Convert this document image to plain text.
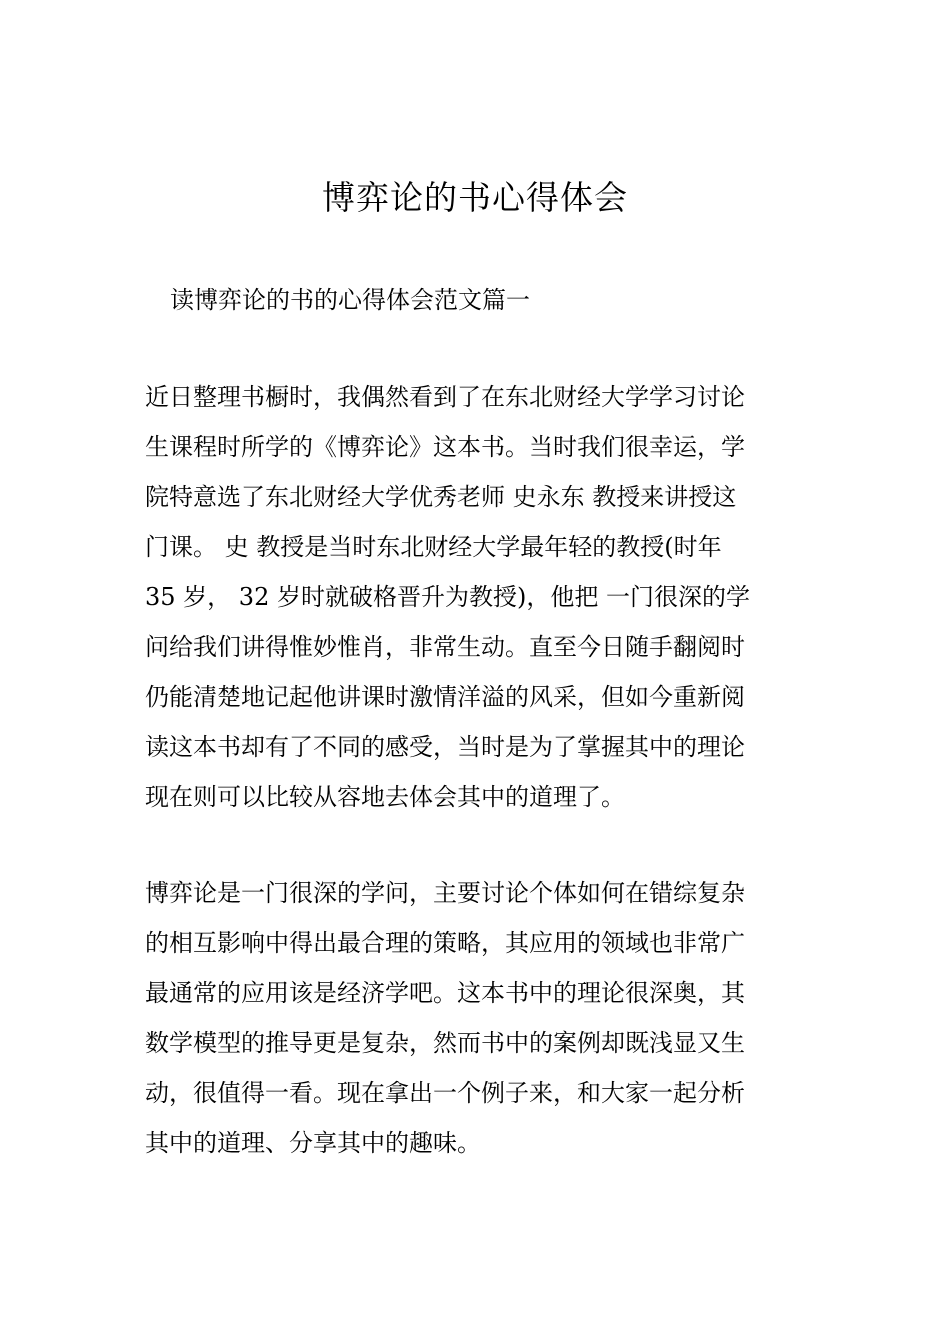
博弈论的书心得体会

读博弈论的书的心得体会范文篇一

近日整理书橱时，我偶然看到了在东北财经大学学习讨论
生课程时所学的《博弈论》这本书。当时我们很幸运，学
院特意选了东北财经大学优秀老师 史永东 教授来讲授这
门课。 史 教授是当时东北财经大学最年轻的教授(时年
35 岁， 32 岁时就破格晋升为教授)，他把 一门很深的学
问给我们讲得惟妙惟肖，非常生动。直至今日随手翻阅时
仍能清楚地记起他讲课时激情洋溢的风采，但如今重新阅
读这本书却有了不同的感受，当时是为了掌握其中的理论
现在则可以比较从容地去体会其中的道理了。
博弈论是一门很深的学问，主要讨论个体如何在错综复杂
的相互影响中得出最合理的策略，其应用的领域也非常广
最通常的应用该是经济学吧。这本书中的理论很深奥，其
数学模型的推导更是复杂，然而书中的案例却既浅显又生
动，很值得一看。现在拿出一个例子来，和大家一起分析
其中的道理、分享其中的趣味。
